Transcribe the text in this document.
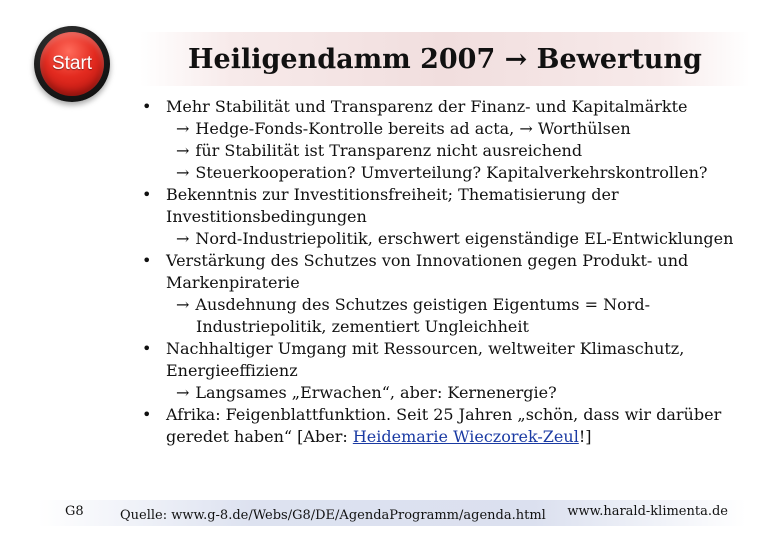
Start	Heiligendamm 2007 → Bewertung
• Mehr Stabilität und Transparenz der Finanz- und Kapitalmärkte
→ Hedge-Fonds-Kontrolle bereits ad acta, → Worthülsen
→ für Stabilität ist Transparenz nicht ausreichend
→ Steuerkooperation? Umverteilung? Kapitalverkehrskontrollen?
• Bekenntnis zur Investitionsfreiheit; Thematisierung der
Investitionsbedingungen
→ Nord-Industriepolitik, erschwert eigenständige EL-Entwicklungen
• Verstärkung des Schutzes von Innovationen gegen Produkt- und
Markenpiraterie
→ Ausdehnung des Schutzes geistigen Eigentums = Nord-
Industriepolitik, zementiert Ungleichheit
• Nachhaltiger Umgang mit Ressourcen, weltweiter Klimaschutz,
Energieeffizienz
→ Langsames „Erwachen“, aber: Kernenergie?
• Afrika: Feigenblattfunktion. Seit 25 Jahren „schön, dass wir darüber
geredet haben“ [Aber: Heidemarie Wieczorek-Zeul!]
G8	Quelle: www.g-8.de/Webs/G8/DE/AgendaProgramm/agenda.html www.harald-klimenta.de
